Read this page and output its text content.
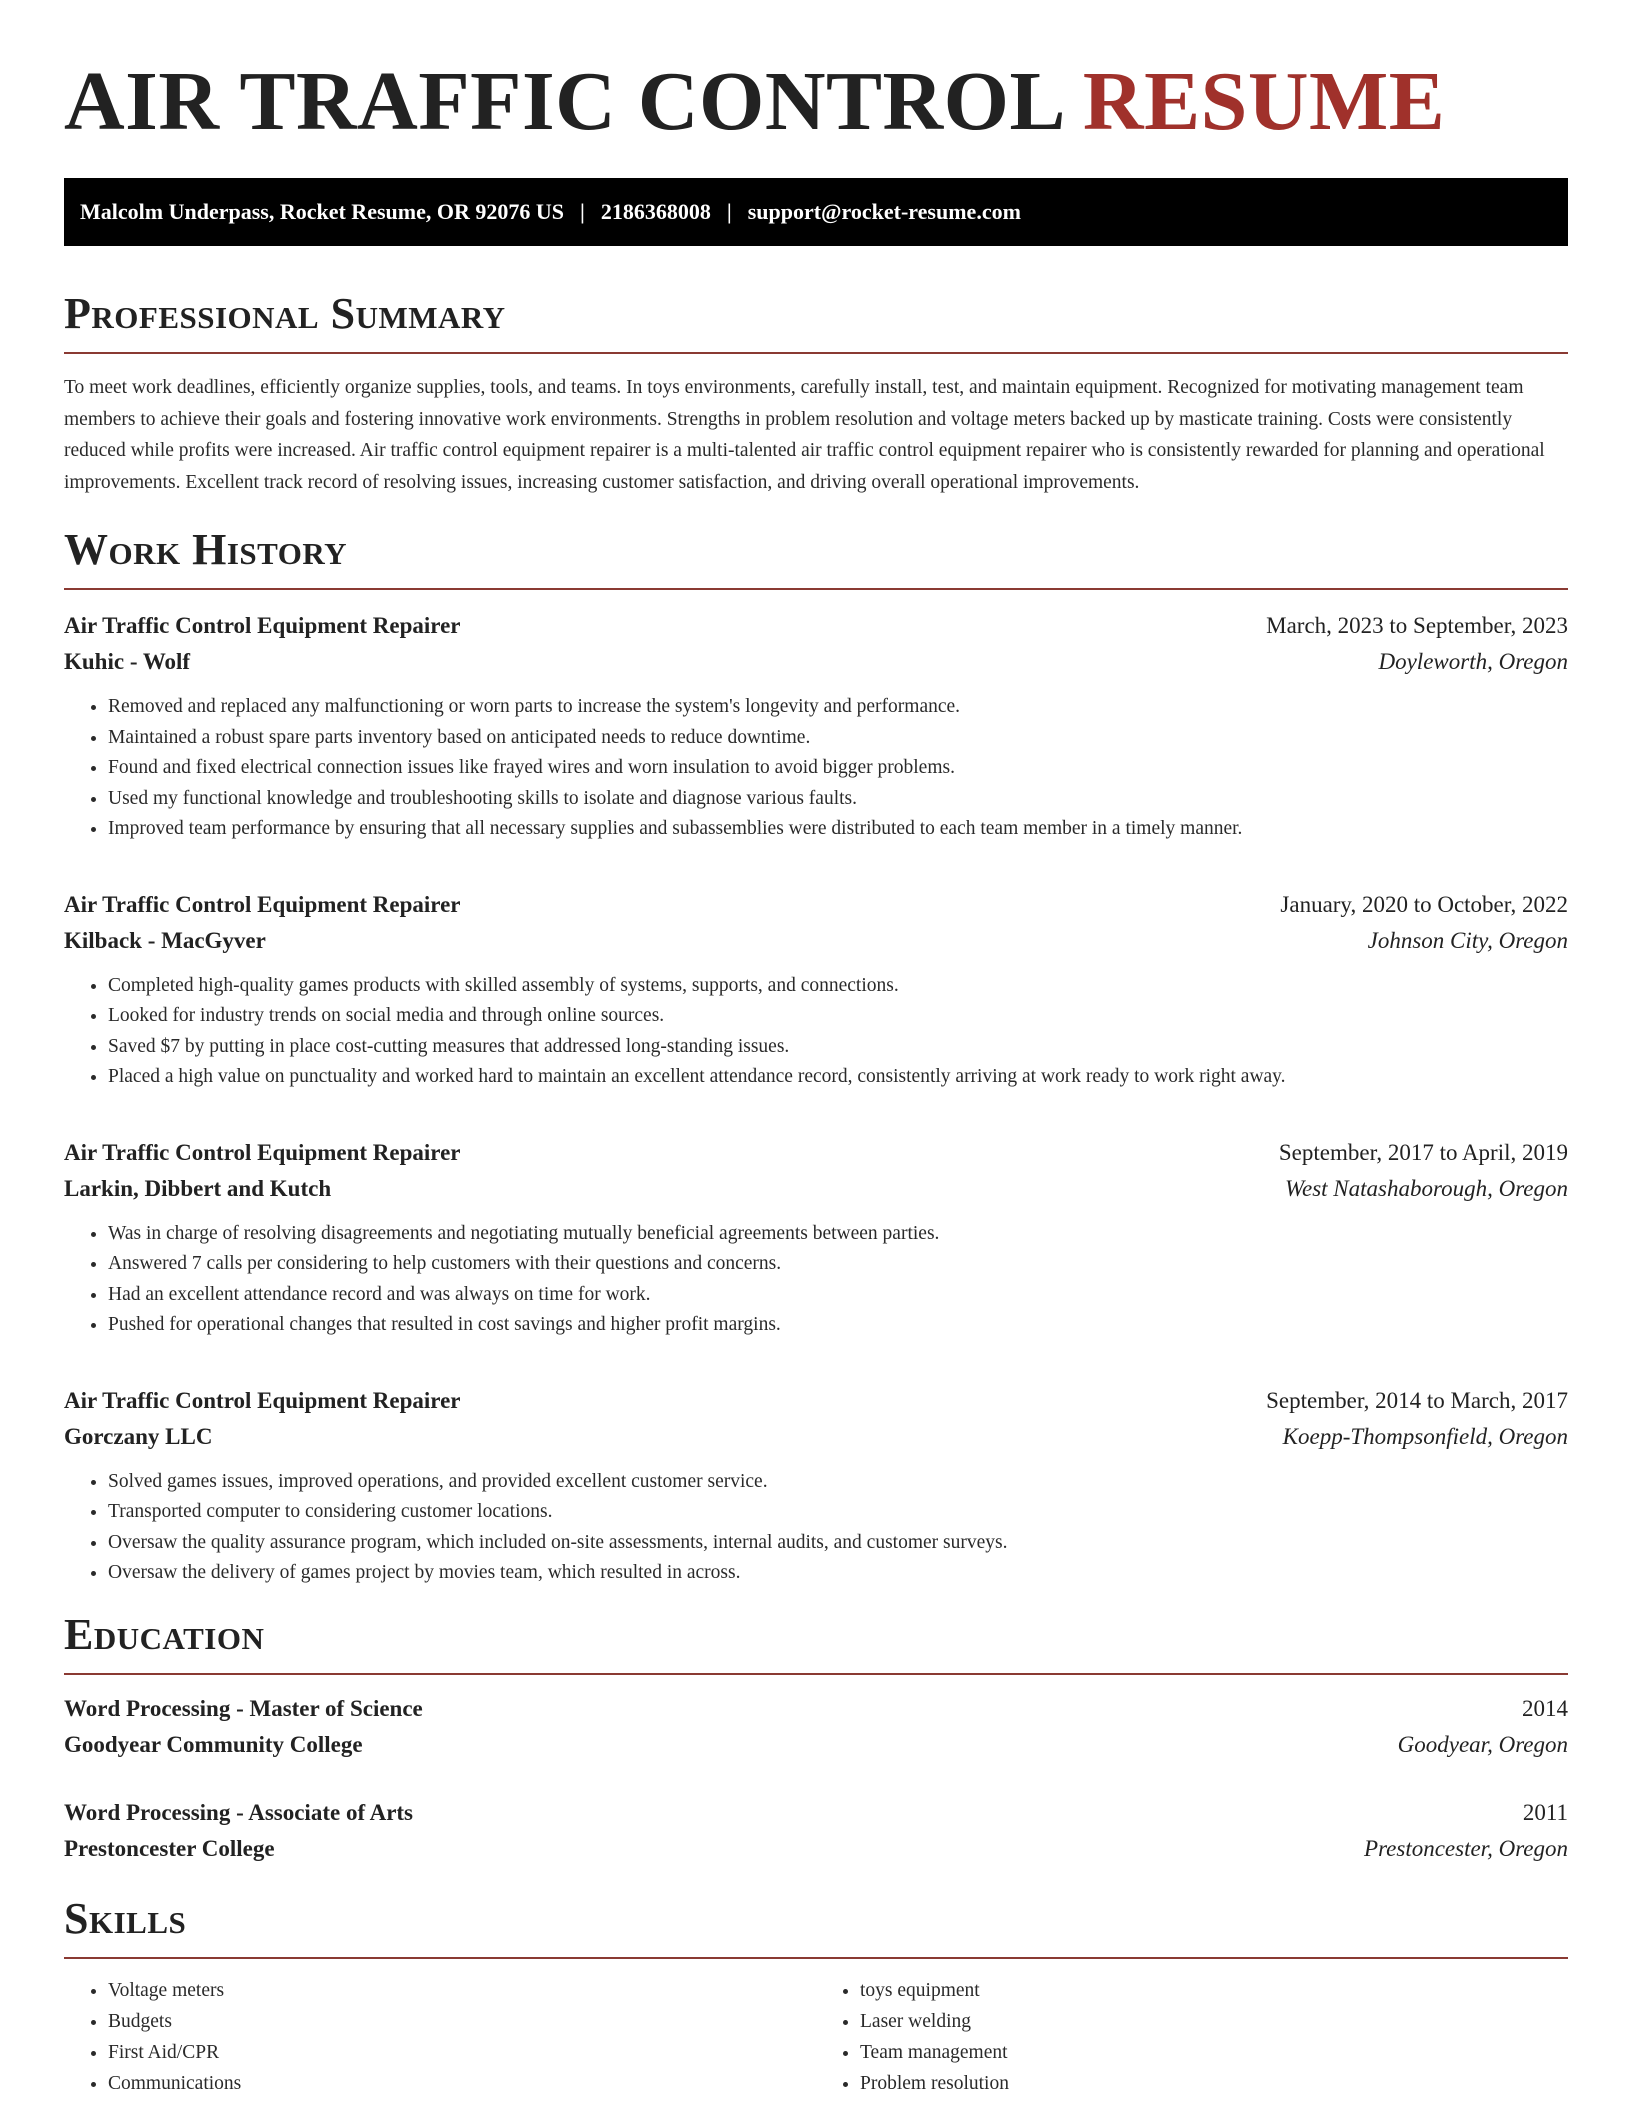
AIR TRAFFIC CONTROL RESUME
Malcolm Underpass, Rocket Resume, OR 92076 US | 2186368008 | support@rocket-resume.com
Professional Summary

To meet work deadlines, efficiently organize supplies, tools, and teams. In toys environments, carefully install, test, and maintain equipment. Recognized for motivating management team members to achieve their goals and fostering innovative work environments. Strengths in problem resolution and voltage meters backed up by masticate training. Costs were consistently reduced while profits were increased. Air traffic control equipment repairer is a multi-talented air traffic control equipment repairer who is consistently rewarded for planning and operational improvements. Excellent track record of resolving issues, increasing customer satisfaction, and driving overall operational improvements.

Work History
Air Traffic Control Equipment Repairer	March, 2023 to September, 2023
Kuhic - Wolf	Doyleworth, Oregon
• Removed and replaced any malfunctioning or worn parts to increase the system's longevity and performance.
• Maintained a robust spare parts inventory based on anticipated needs to reduce downtime.
• Found and fixed electrical connection issues like frayed wires and worn insulation to avoid bigger problems.
• Used my functional knowledge and troubleshooting skills to isolate and diagnose various faults.
• Improved team performance by ensuring that all necessary supplies and subassemblies were distributed to each team member in a timely manner.
Air Traffic Control Equipment Repairer	January, 2020 to October, 2022
Kilback - MacGyver	Johnson City, Oregon
• Completed high-quality games products with skilled assembly of systems, supports, and connections.
• Looked for industry trends on social media and through online sources.
• Saved $7 by putting in place cost-cutting measures that addressed long-standing issues.
• Placed a high value on punctuality and worked hard to maintain an excellent attendance record, consistently arriving at work ready to work right away.
Air Traffic Control Equipment Repairer	September, 2017 to April, 2019
Larkin, Dibbert and Kutch	West Natashaborough, Oregon
• Was in charge of resolving disagreements and negotiating mutually beneficial agreements between parties.
• Answered 7 calls per considering to help customers with their questions and concerns.
• Had an excellent attendance record and was always on time for work.
• Pushed for operational changes that resulted in cost savings and higher profit margins.
Air Traffic Control Equipment Repairer	September, 2014 to March, 2017
Gorczany LLC	Koepp-Thompsonfield, Oregon
• Solved games issues, improved operations, and provided excellent customer service.
• Transported computer to considering customer locations.
• Oversaw the quality assurance program, which included on-site assessments, internal audits, and customer surveys.
• Oversaw the delivery of games project by movies team, which resulted in across.
Education
Word Processing - Master of Science	2014
Goodyear Community College	Goodyear, Oregon
Word Processing - Associate of Arts	2011
Prestoncester College	Prestoncester, Oregon
Skills
• Voltage meters
• Budgets
• First Aid/CPR
• Communications
• toys equipment
• Laser welding
• Team management
• Problem resolution
